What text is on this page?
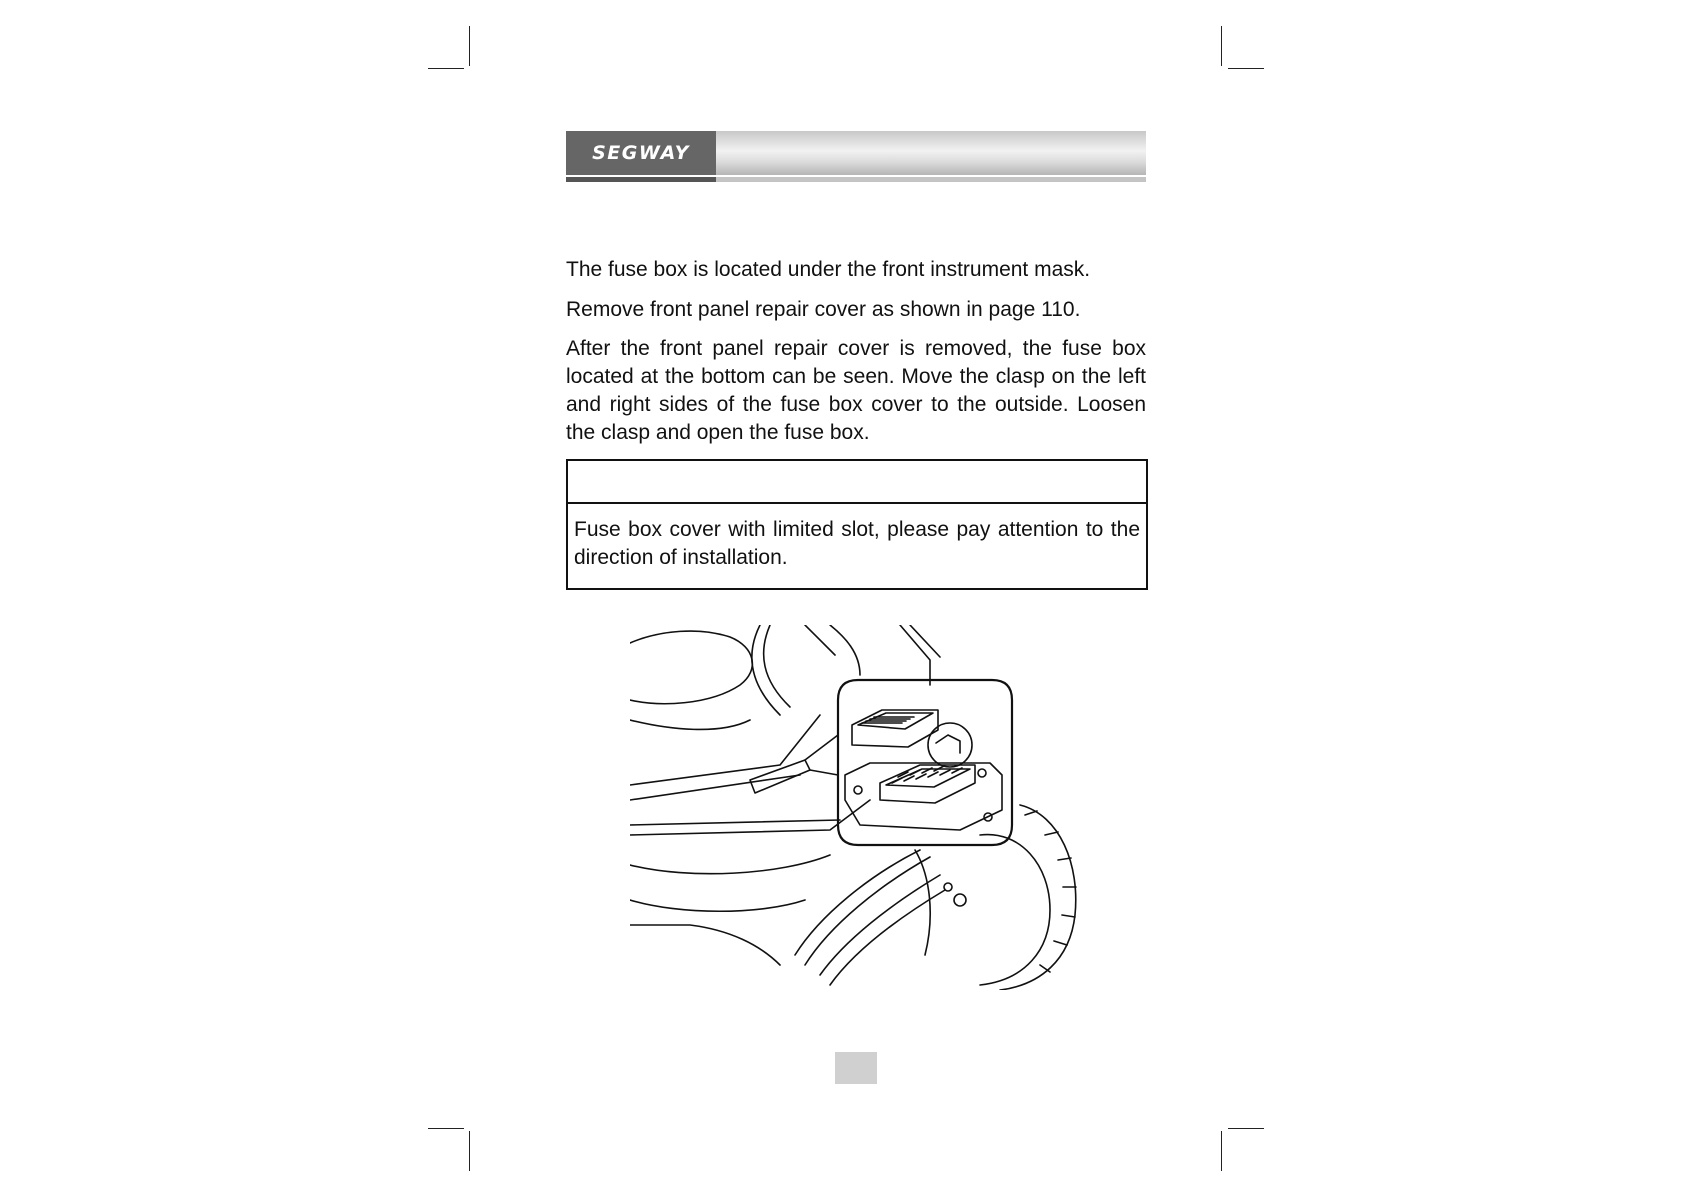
SEGWAY

The fuse box is located under the front instrument mask.

Remove front panel repair cover as shown in page 110.

After the front panel repair cover is removed, the fuse box located at the bottom can be seen. Move the clasp on the left and right sides of the fuse box cover to the outside. Loosen the clasp and open the fuse box.

Fuse box cover with limited slot, please pay attention to the direction of installation.
